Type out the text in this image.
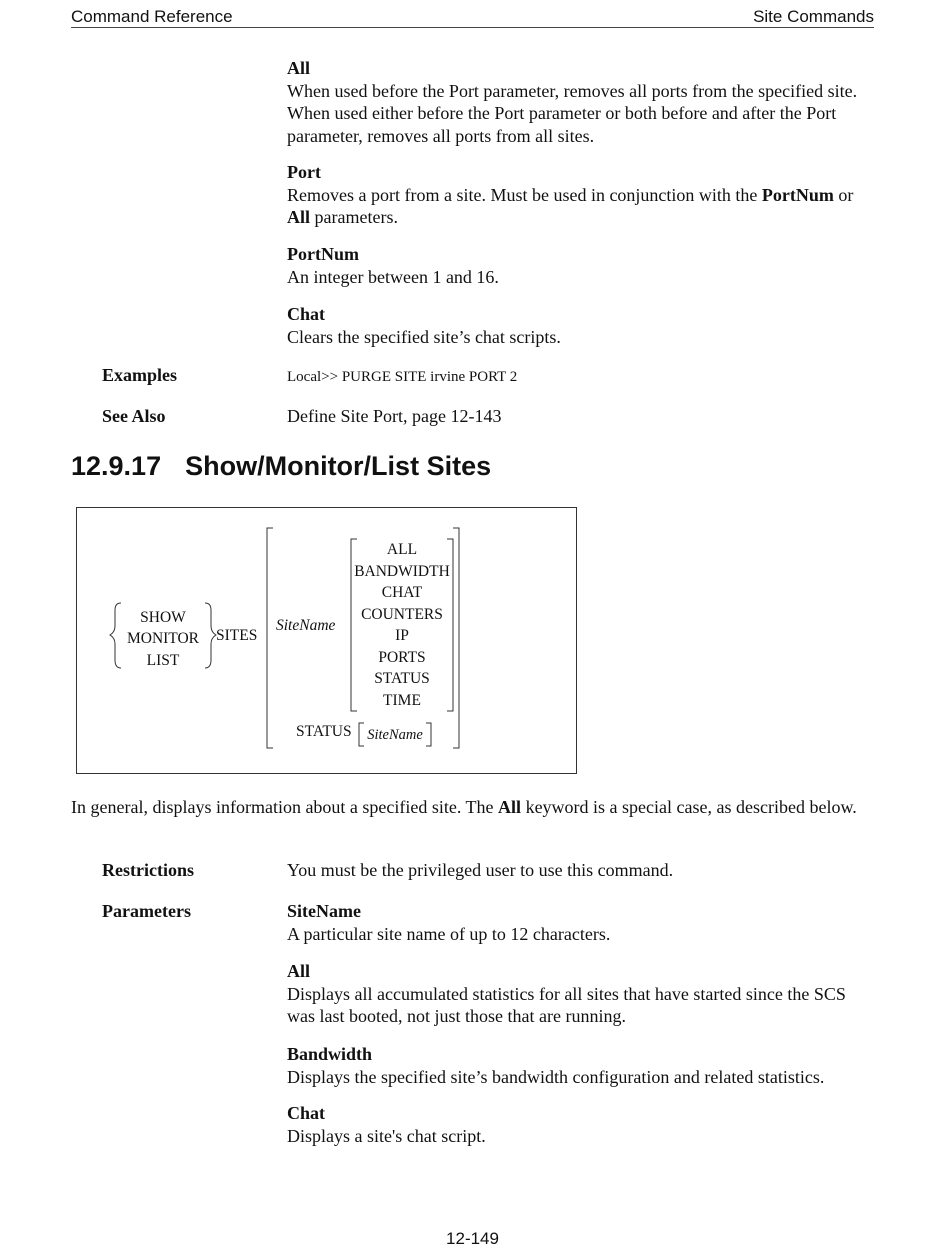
Command Reference	Site Commands
All
When used before the Port parameter, removes all ports from the specified site. When used either before the Port parameter or both before and after the Port parameter, removes all ports from all sites.
Port
Removes a port from a site. Must be used in conjunction with the PortNum or All parameters.
PortNum
An integer between 1 and 16.
Chat
Clears the specified site’s chat scripts.
Examples	Local>> PURGE SITE irvine PORT 2
See Also	Define Site Port, page 12-143
12.9.17 Show/Monitor/List Sites
SHOW
MONITOR
LIST
SITES
SiteName
ALL
BANDWIDTH
CHAT
COUNTERS
IP
PORTS
STATUS
TIME
STATUS	SiteName
In general, displays information about a specified site. The All keyword is a special case, as described below.
Restrictions	You must be the privileged user to use this command.
Parameters	SiteName
A particular site name of up to 12 characters.
All
Displays all accumulated statistics for all sites that have started since the SCS was last booted, not just those that are running.
Bandwidth
Displays the specified site’s bandwidth configuration and related statistics.
Chat
Displays a site's chat script.
12-149
